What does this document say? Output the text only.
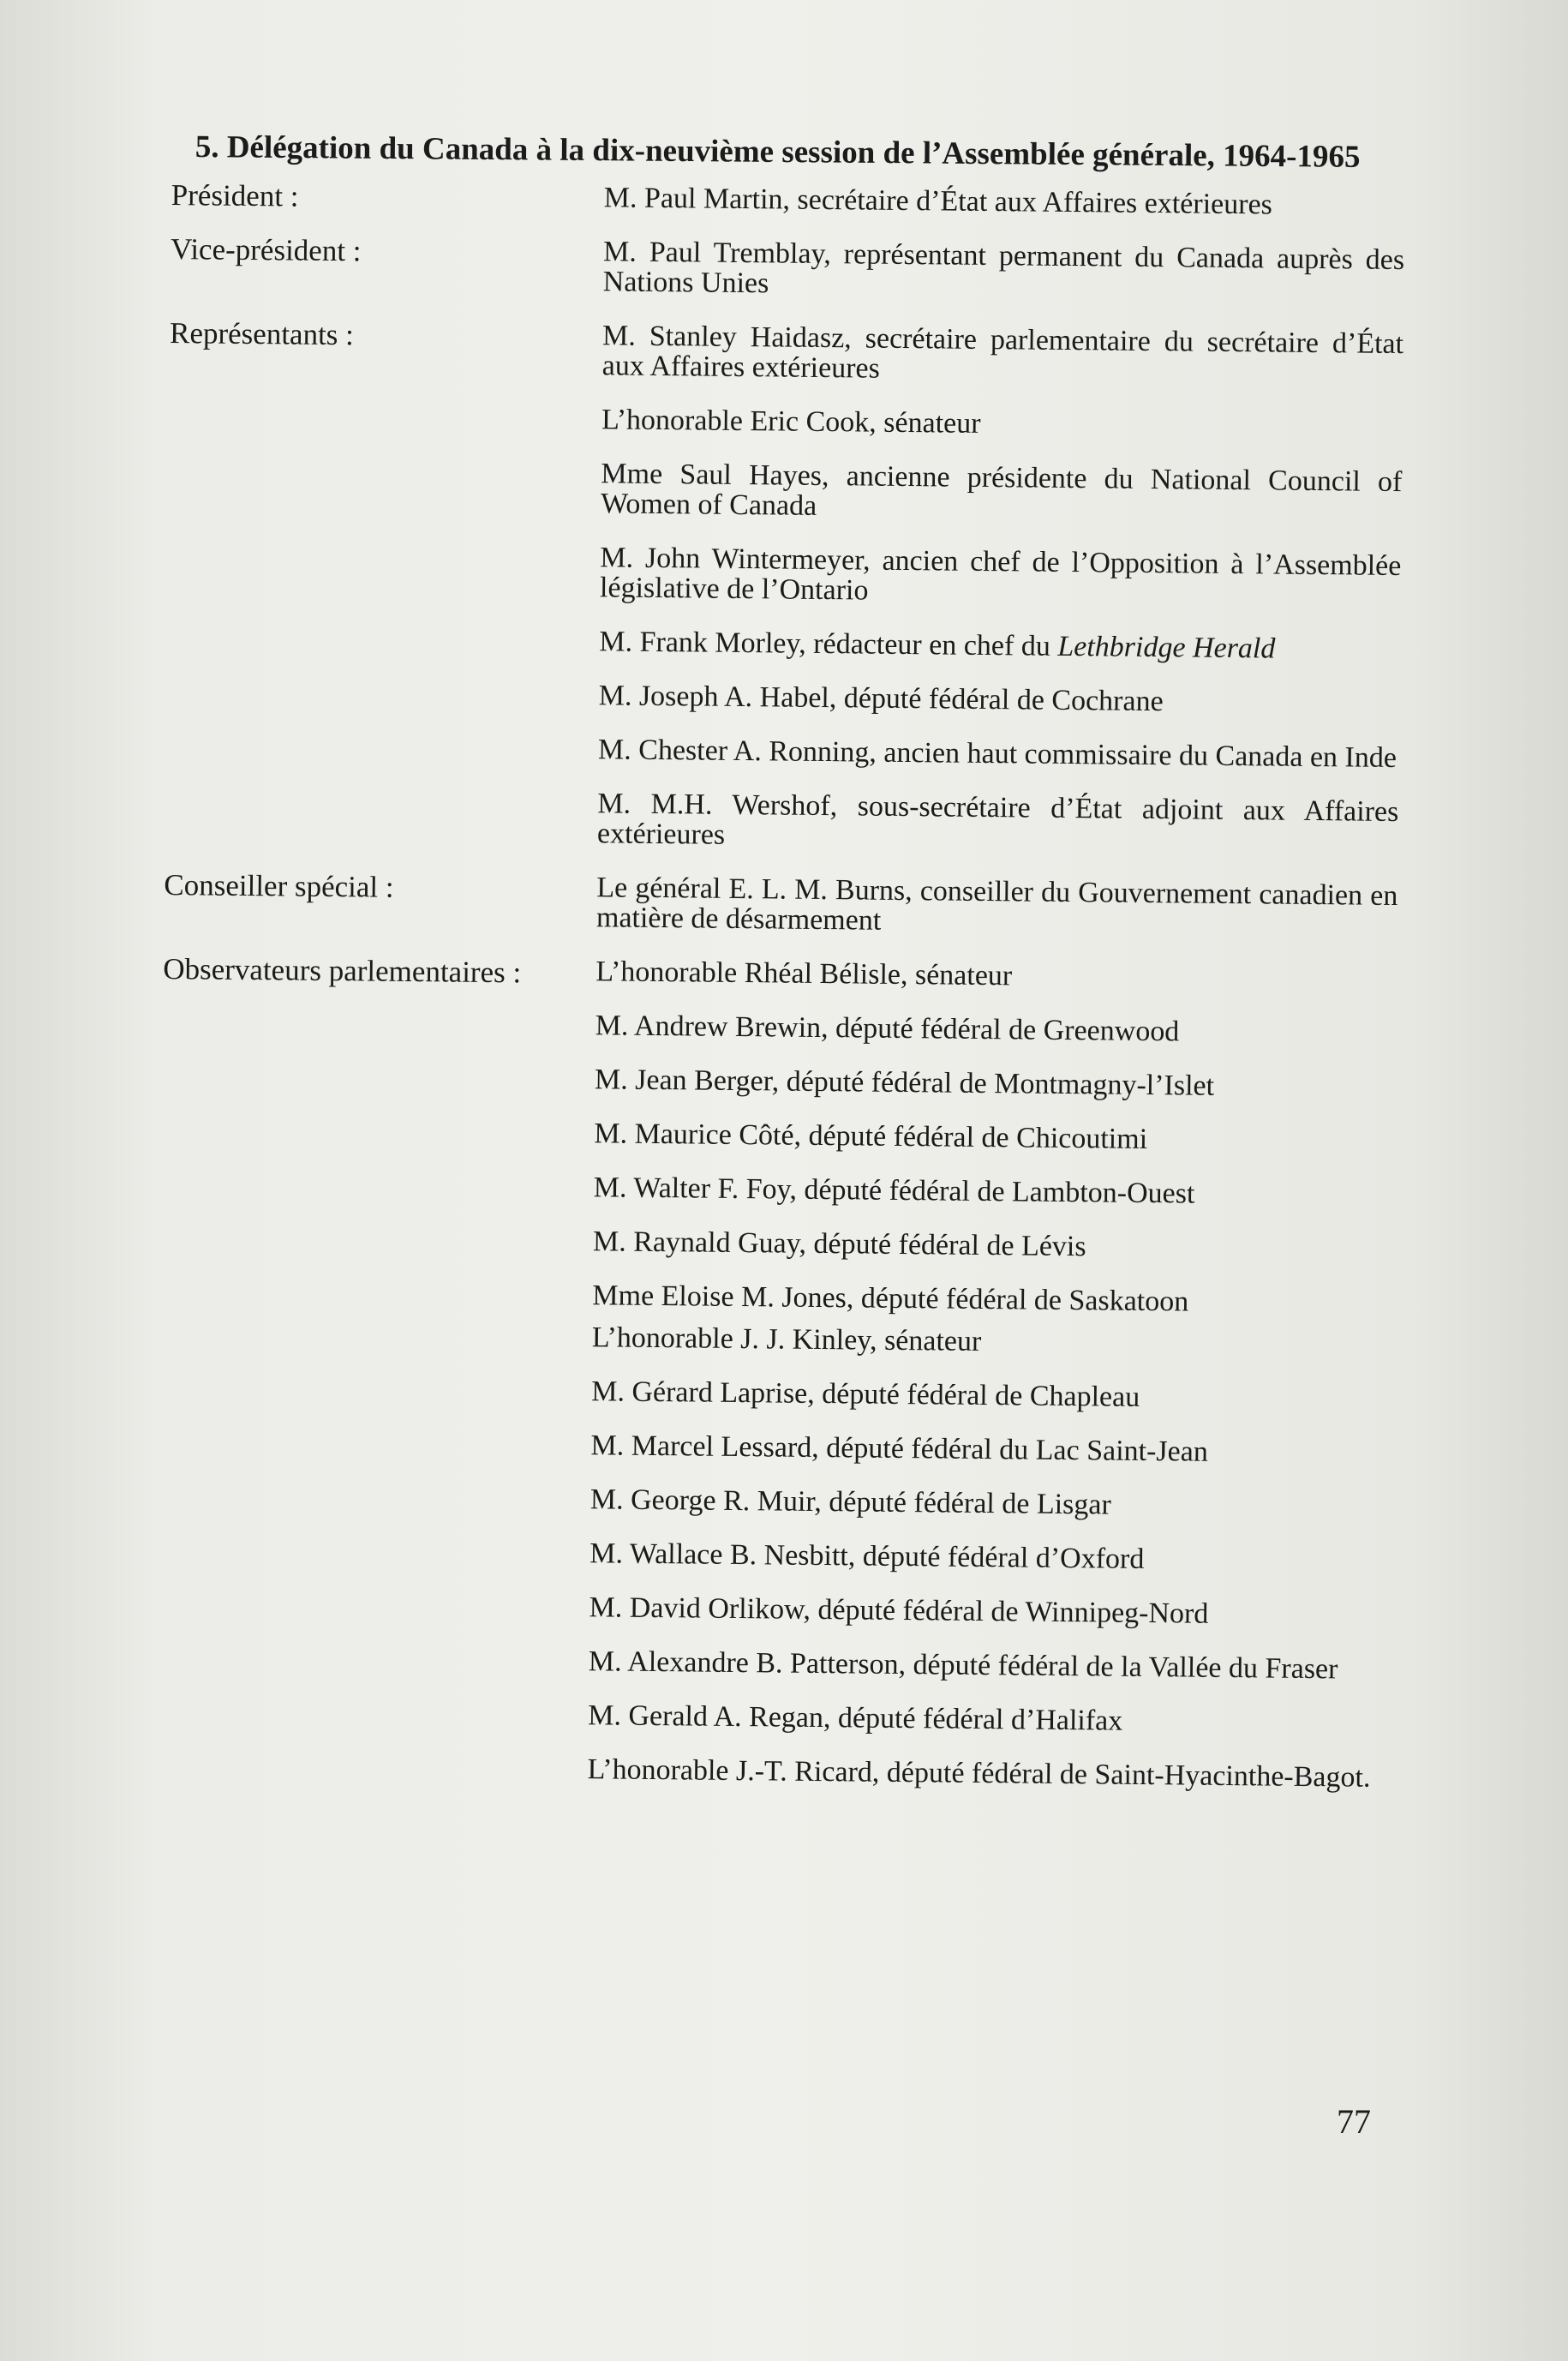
5. Délégation du Canada à la dix-neuvième session de l’Assemblée générale, 1964-1965
Président :	M. Paul Martin, secrétaire d’État aux Affaires extérieures
Vice-président :	M. Paul Tremblay, représentant permanent du Canada auprès des Nations Unies
Représentants :	M. Stanley Haidasz, secrétaire parlementaire du secrétaire d’État aux Affaires extérieures
L’honorable Eric Cook, sénateur
Mme Saul Hayes, ancienne présidente du National Council of Women of Canada
M. John Wintermeyer, ancien chef de l’Opposition à l’Assemblée législative de l’Ontario
M. Frank Morley, rédacteur en chef du Lethbridge Herald
M. Joseph A. Habel, député fédéral de Cochrane
M. Chester A. Ronning, ancien haut commissaire du Canada en Inde
M. M.H. Wershof, sous-secrétaire d’État adjoint aux Affaires extérieures
Conseiller spécial :	Le général E. L. M. Burns, conseiller du Gouvernement canadien en matière de désarmement
Observateurs parlementaires :	L’honorable Rhéal Bélisle, sénateur
M. Andrew Brewin, député fédéral de Greenwood
M. Jean Berger, député fédéral de Montmagny-l’Islet
M. Maurice Côté, député fédéral de Chicoutimi
M. Walter F. Foy, député fédéral de Lambton-Ouest
M. Raynald Guay, député fédéral de Lévis
Mme Eloise M. Jones, député fédéral de Saskatoon
L’honorable J. J. Kinley, sénateur
M. Gérard Laprise, député fédéral de Chapleau
M. Marcel Lessard, député fédéral du Lac Saint-Jean
M. George R. Muir, député fédéral de Lisgar
M. Wallace B. Nesbitt, député fédéral d’Oxford
M. David Orlikow, député fédéral de Winnipeg-Nord
M. Alexandre B. Patterson, député fédéral de la Vallée du Fraser
M. Gerald A. Regan, député fédéral d’Halifax
L’honorable J.-T. Ricard, député fédéral de Saint-Hyacinthe-Bagot.
77
